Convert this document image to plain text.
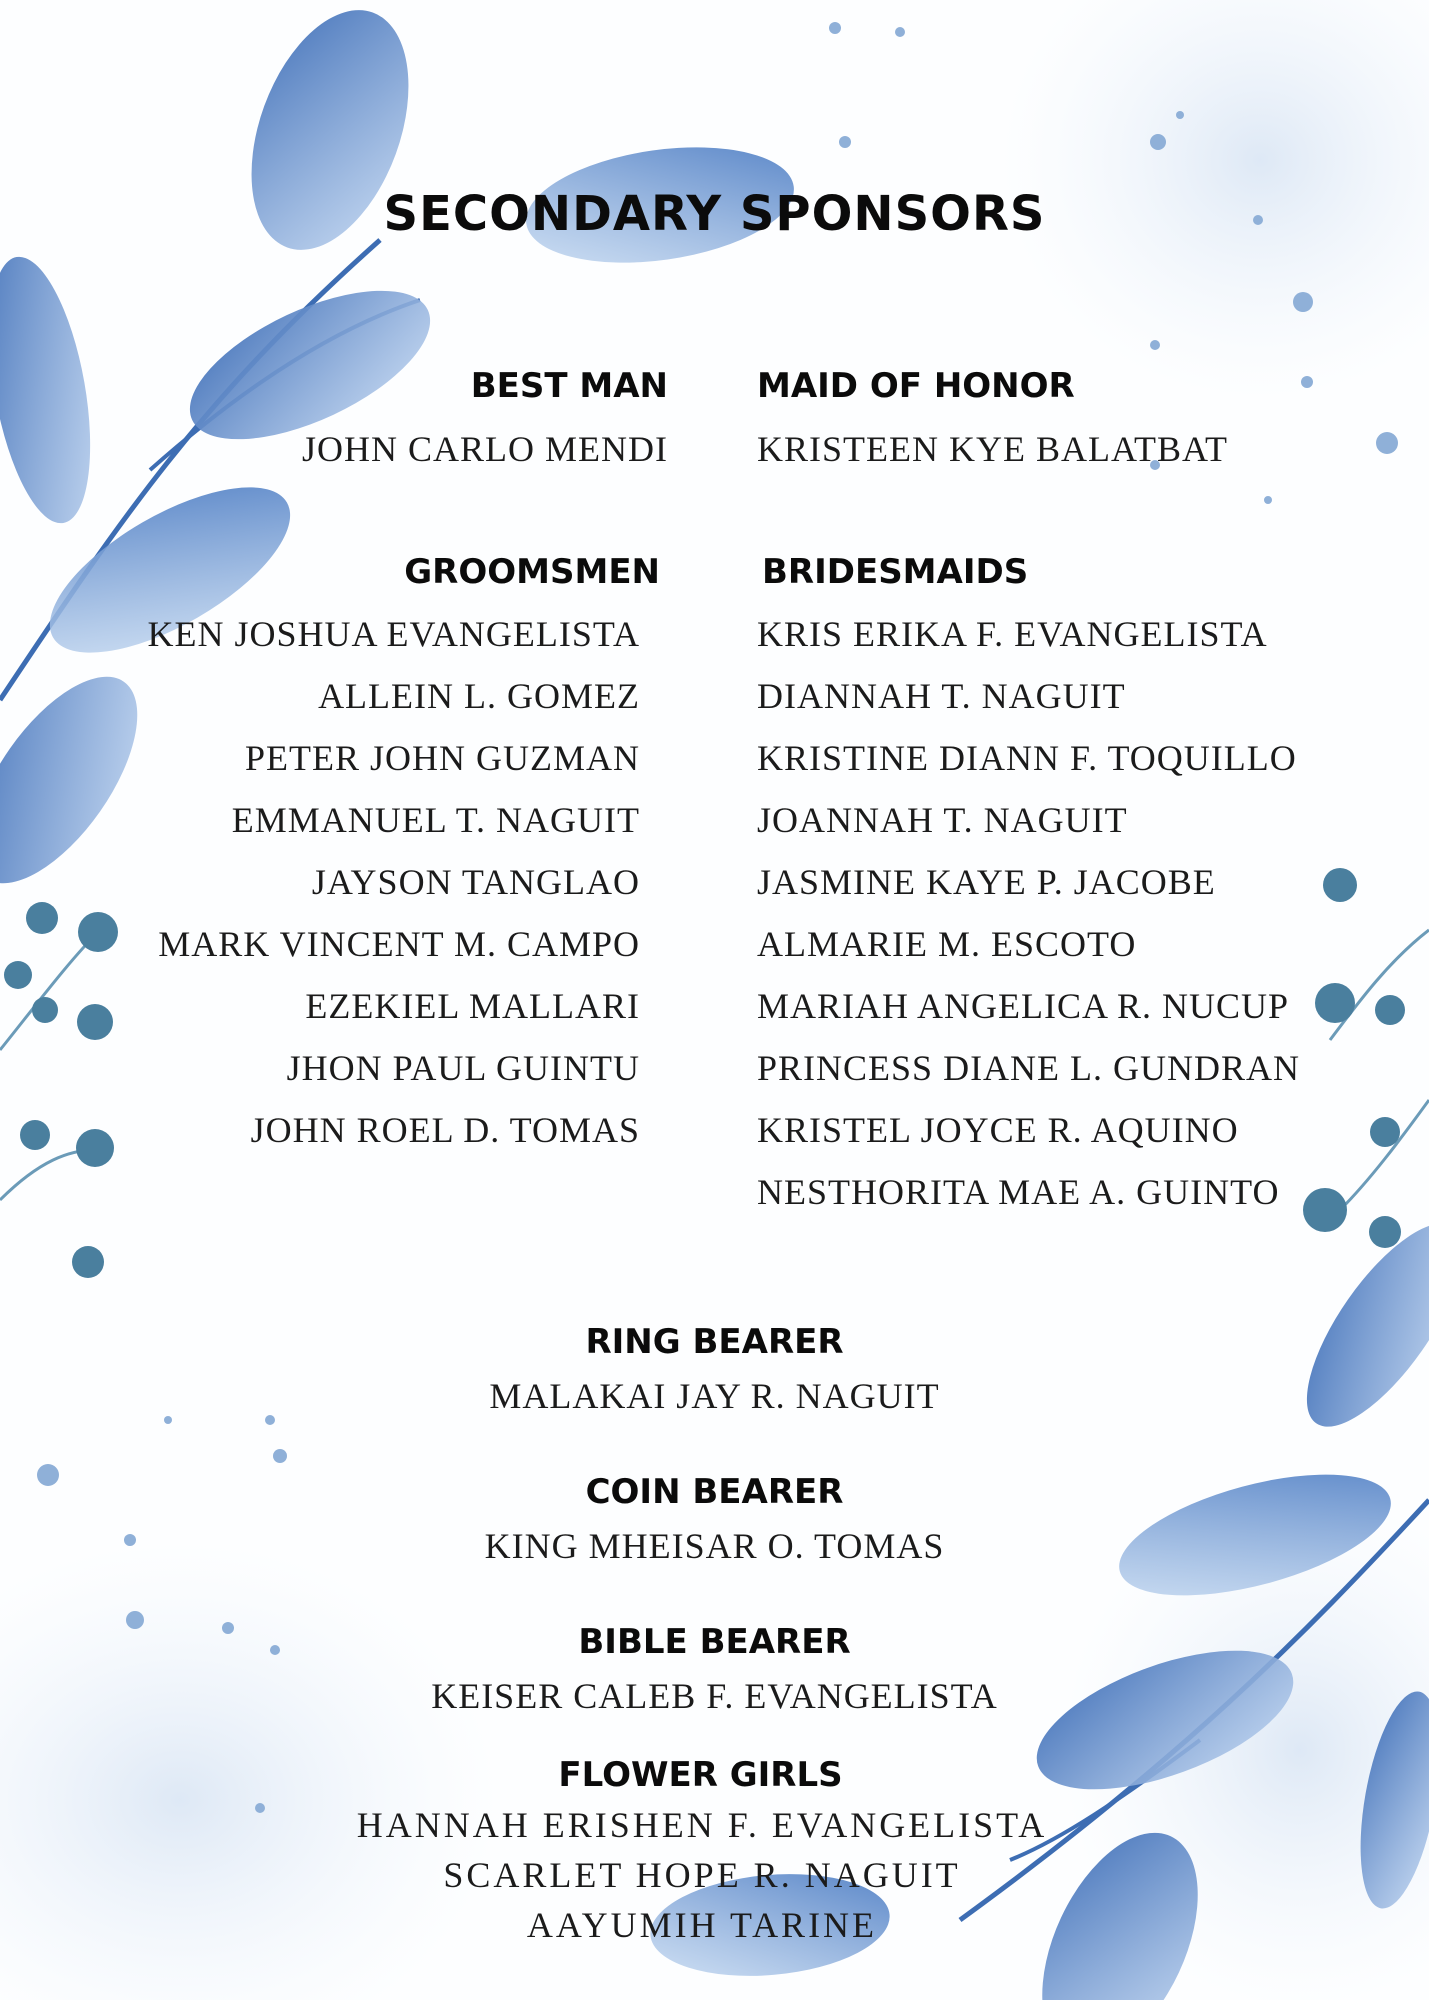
SECONDARY SPONSORS
BEST MAN
JOHN CARLO MENDI
MAID OF HONOR
KRISTEEN KYE BALATBAT
GROOMSMEN	BRIDESMAIDS
KEN JOSHUA EVANGELISTA
ALLEIN L. GOMEZ
PETER JOHN GUZMAN
EMMANUEL T. NAGUIT
JAYSON TANGLAO
MARK VINCENT M. CAMPO
EZEKIEL MALLARI
JHON PAUL GUINTU
JOHN ROEL D. TOMAS
KRIS ERIKA F. EVANGELISTA
DIANNAH T. NAGUIT
KRISTINE DIANN F. TOQUILLO
JOANNAH T. NAGUIT
JASMINE KAYE P. JACOBE
ALMARIE M. ESCOTO
MARIAH ANGELICA R. NUCUP
PRINCESS DIANE L. GUNDRAN
KRISTEL JOYCE R. AQUINO
NESTHORITA MAE A. GUINTO
RING BEARER
MALAKAI JAY R. NAGUIT
COIN BEARER
KING MHEISAR O. TOMAS
BIBLE BEARER
KEISER CALEB F. EVANGELISTA
FLOWER GIRLS
HANNAH ERISHEN F. EVANGELISTA
SCARLET HOPE R. NAGUIT
AAYUMIH TARINE
